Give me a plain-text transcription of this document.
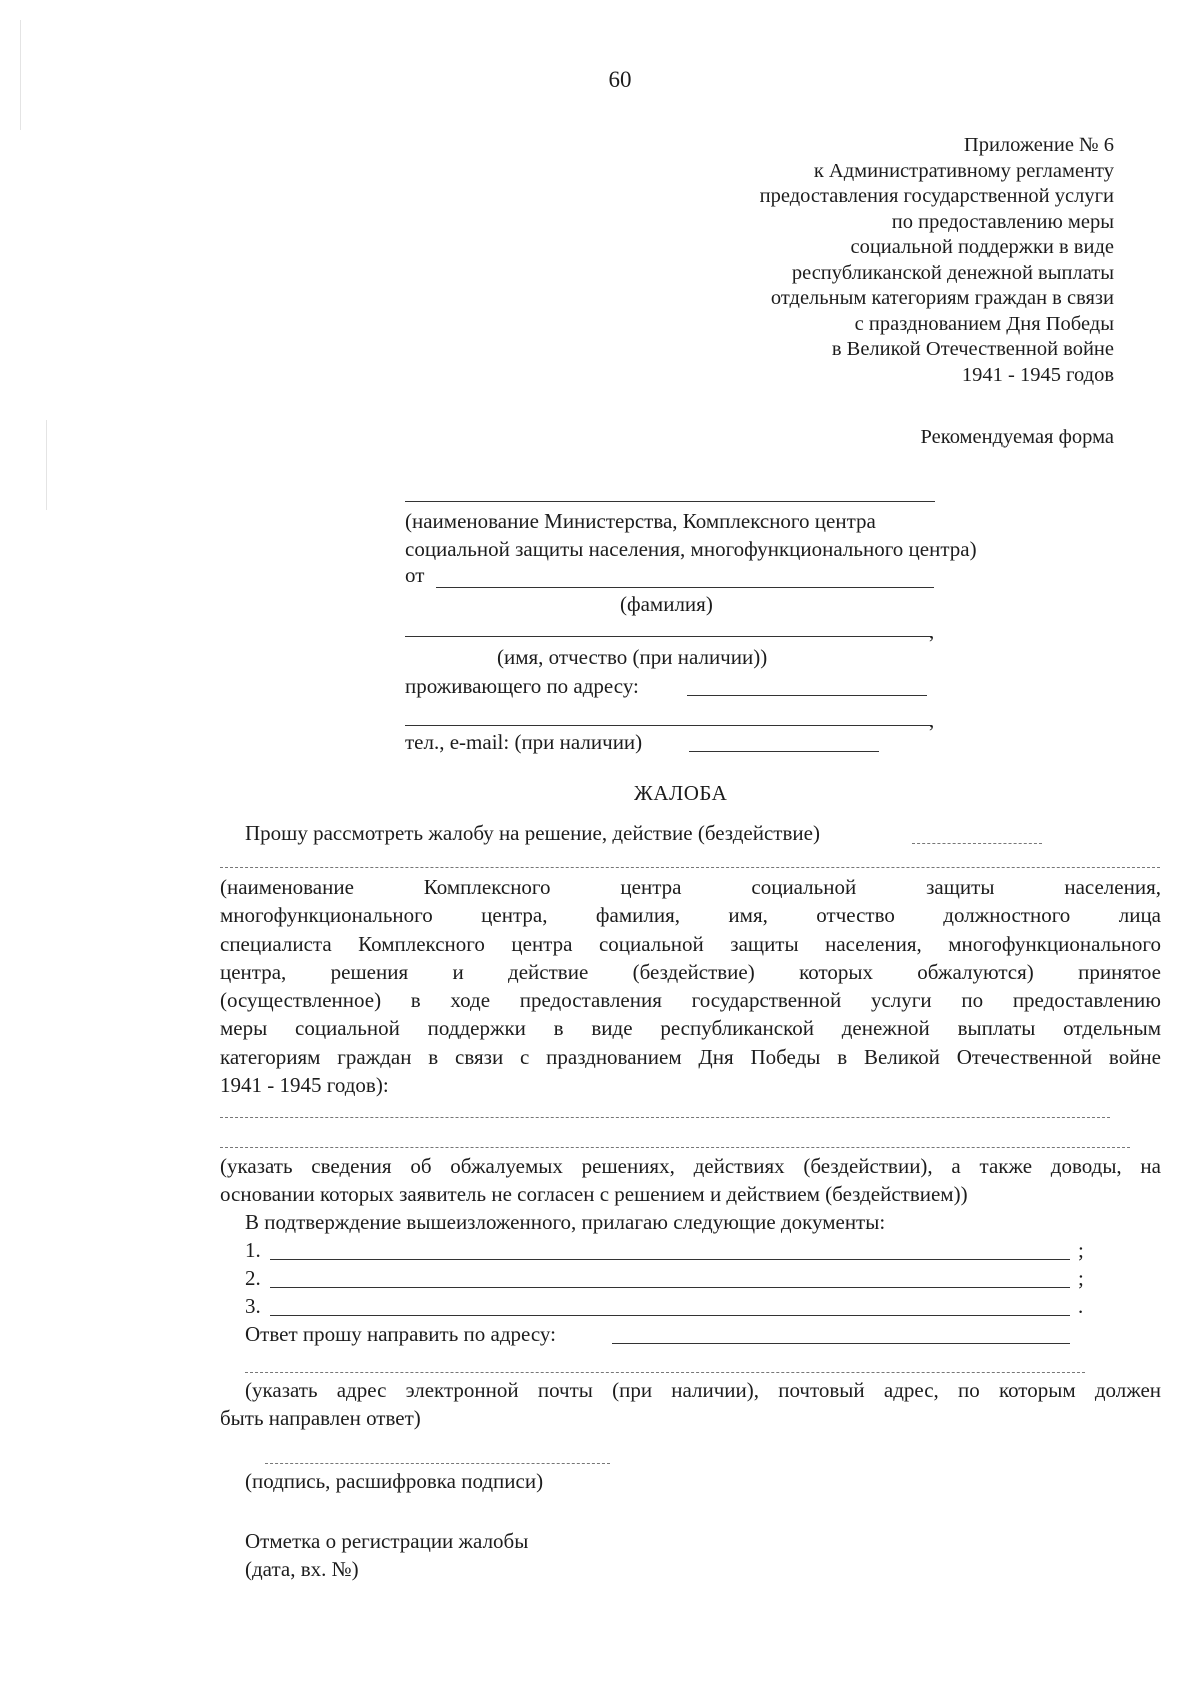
60
Приложение № 6
к Административному регламенту
предоставления государственной услуги
по предоставлению меры
социальной поддержки в виде
республиканской денежной выплаты
отдельным категориям граждан в связи
с празднованием Дня Победы
в Великой Отечественной войне
1941 - 1945 годов
Рекомендуемая форма
(наименование Министерства, Комплексного центра
социальной защиты населения, многофункционального центра)
от
(фамилия)
,
(имя, отчество (при наличии))
проживающего по адресу:
,
тел., e-mail: (при наличии)
ЖАЛОБА
Прошу рассмотреть жалобу на решение, действие (бездействие)
(наименование Комплексного центра социальной защиты населения,
многофункционального центра, фамилия, имя, отчество должностного лица
специалиста Комплексного центра социальной защиты населения, многофункционального
центра, решения и действие (бездействие) которых обжалуются) принятое
(осуществленное) в ходе предоставления государственной услуги по предоставлению
меры социальной поддержки в виде республиканской денежной выплаты отдельным
категориям граждан в связи с празднованием Дня Победы в Великой Отечественной войне
1941 - 1945 годов):
(указать сведения об обжалуемых решениях, действиях (бездействии), а также доводы, на
основании которых заявитель не согласен с решением и действием (бездействием))
В подтверждение вышеизложенного, прилагаю следующие документы:
1.	;
2.	;
3.	.
Ответ прошу направить по адресу:
(указать адрес электронной почты (при наличии), почтовый адрес, по которым должен
быть направлен ответ)
(подпись, расшифровка подписи)
Отметка о регистрации жалобы
(дата, вх. №)
